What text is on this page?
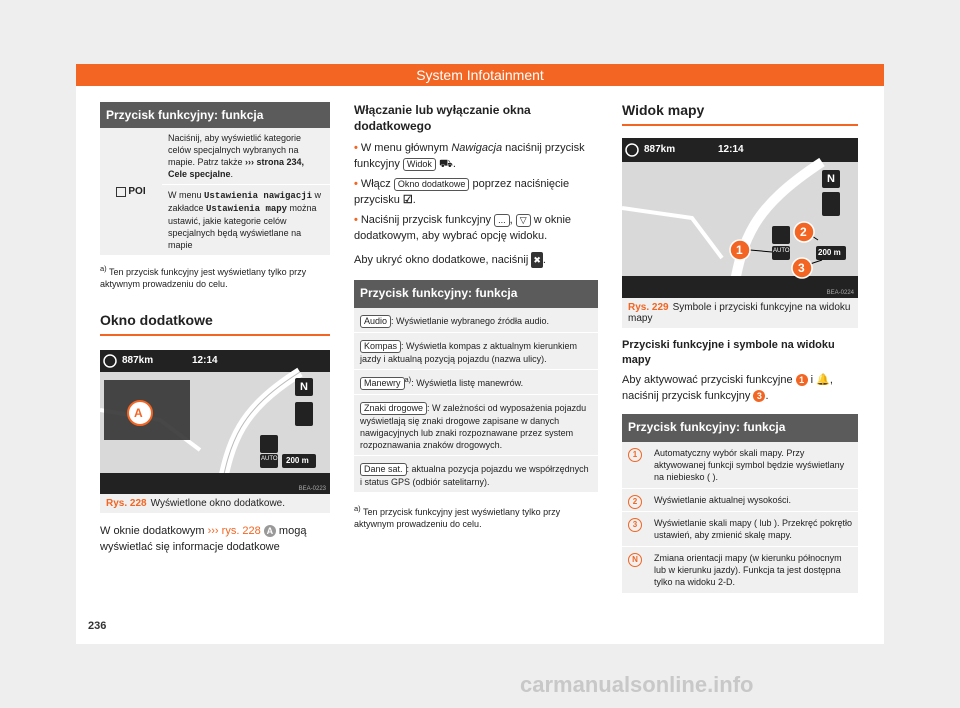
System Infotainment
Przycisk funkcyjny: funkcja
POI
Naciśnij, aby wyświetlić kategorie celów specjalnych wybranych na mapie. Patrz także ››› strona 234, Cele specjalne.
W menu Ustawienia nawigacji w zakładce Ustawienia mapy można ustawić, jakie kategorie celów specjalnych będą wyświetlane na mapie
$^{a)}$ Ten przycisk funkcyjny jest wyświetlany tylko przy aktywnym prowadzeniu do celu.
Okno dodatkowe
887km	12:14
A
N
AUTO 200 m
BEA-0223
Rys. 228 Wyświetlone okno dodatkowe.
W oknie dodatkowym ››› rys. 228 A mogą wyświetlać się informacje dodatkowe
Włączanie lub wyłączanie okna dodatkowego
• W menu głównym Nawigacja naciśnij przycisk funkcyjny Widok ⛟.
• Włącz Okno dodatkowe poprzez naciśnięcie przycisku ☑.
• Naciśnij przycisk funkcyjny ... , ▽ w oknie dodatkowym, aby wybrać opcję widoku.
Aby ukryć okno dodatkowe, naciśnij ✖ .
Przycisk funkcyjny: funkcja
Audio : Wyświetlanie wybranego źródła audio.
Kompas : Wyświetla kompas z aktualnym kierunkiem jazdy i aktualną pozycją pojazdu (nazwa ulicy).
Manewry $^{a)}$: Wyświetla listę manewrów.
Znaki drogowe : W zależności od wyposażenia pojazdu wyświetlają się znaki drogowe zapisane w danych nawigacyjnych lub znaki rozpoznawane przez system rozpoznawania znaków drogowych.
Dane sat. : aktualna pozycja pojazdu we współrzędnych i status GPS (odbiór satelitarny).
$^{a)}$ Ten przycisk funkcyjny jest wyświetlany tylko przy aktywnym prowadzeniu do celu.
Widok mapy
887km	12:14
N
AUTO	200 m
1
2
3
BEA-0224
Rys. 229 Symbole i przyciski funkcyjne na widoku mapy
Przyciski funkcyjne i symbole na widoku mapy
Aby aktywować przyciski funkcyjne 1 i 🔔, naciśnij przycisk funkcyjny 3 .
Przycisk funkcyjny: funkcja
1	Automatyczny wybór skali mapy. Przy aktywowanej funkcji symbol będzie wyświetlany na niebiesko ( ).
2	Wyświetlanie aktualnej wysokości.
3	Wyświetlanie skali mapy ( lub ). Przekręć pokrętło ustawień, aby zmienić skalę mapy.
N	Zmiana orientacji mapy (w kierunku północnym lub w kierunku jazdy). Funkcja ta jest dostępna tylko na widoku 2-D.
236
carmanualsonline.info
